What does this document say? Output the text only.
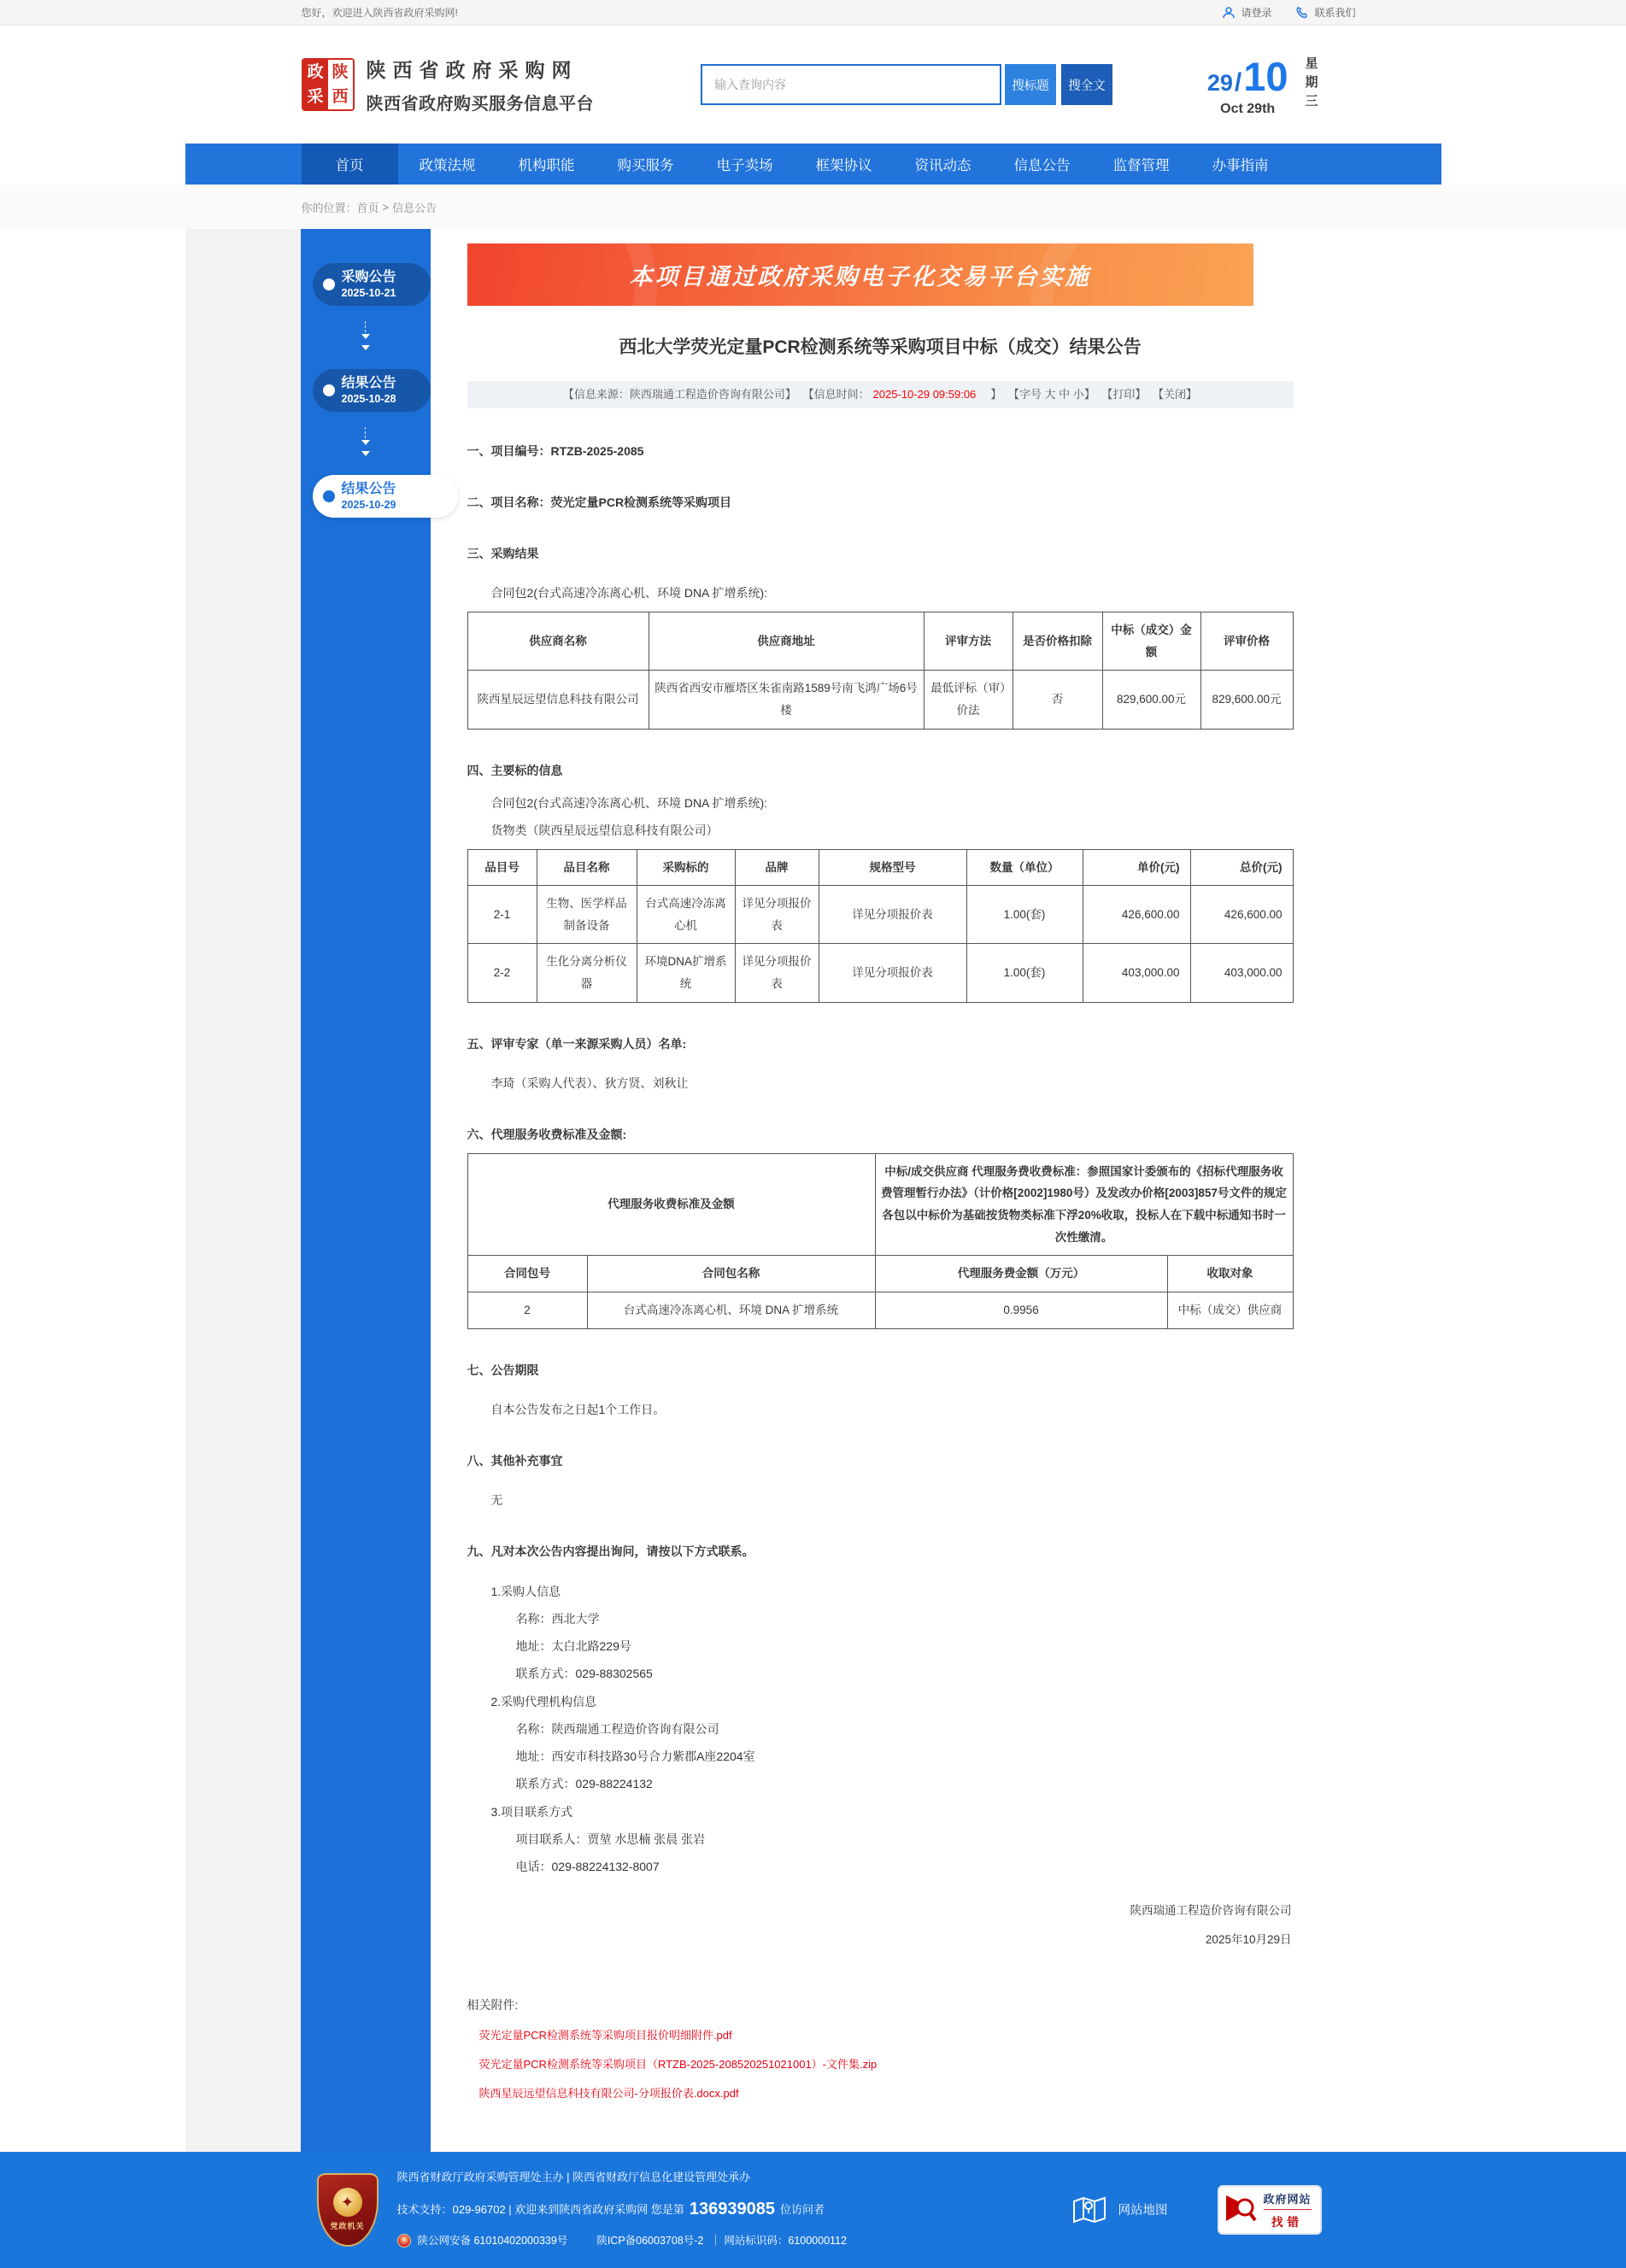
您好，欢迎进入陕西省政府采购网!	请登录	联系我们
政
采
陕
西
陕西省政府采购网
陕西省政府购买服务信息平台
输入查询内容
搜标题	搜全文	29 / 10
Oct 29th	星期三
首页	政策法规	机构职能	购买服务	电子卖场	框架协议	资讯动态	信息公告	监督管理	办事指南
你的位置： 首页 > 信息公告
采购公告
2025-10-21
结果公告
2025-10-28
结果公告
2025-10-29
本项目通过政府采购电子化交易平台实施
西北大学荧光定量PCR检测系统等采购项目中标（成交）结果公告
【信息来源：陕西瑞通工程造价咨询有限公司】 【信息时间： 2025-10-29 09:59:06　】 【字号 大 中 小】 【打印】 【关闭】
一、项目编号：RTZB-2025-2085
二、项目名称：荧光定量PCR检测系统等采购项目
三、采购结果
合同包2(台式高速冷冻离心机、环境 DNA 扩增系统):
供应商名称	供应商地址	评审方法	是否价格扣除	中标（成交）金额	评审价格
陕西星辰远望信息科技有限公司	陕西省西安市雁塔区朱雀南路1589号南飞鸿广场6号楼	最低评标（审）价法	否	829,600.00元	829,600.00元
四、主要标的信息
合同包2(台式高速冷冻离心机、环境 DNA 扩增系统):
货物类（陕西星辰远望信息科技有限公司）
品目号	品目名称	采购标的	品牌	规格型号	数量（单位）	单价(元)	总价(元)
2-1	生物、医学样品制备设备	台式高速冷冻离心机	详见分项报价表	详见分项报价表	1.00(套)	426,600.00	426,600.00
2-2	生化分离分析仪器	环境DNA扩增系统	详见分项报价表	详见分项报价表	1.00(套)	403,000.00	403,000.00
五、评审专家（单一来源采购人员）名单:
李琦（采购人代表）、狄方贤、刘秋让
六、代理服务收费标准及金额:
代理服务收费标准及金额		中标/成交供应商 代理服务费收费标准：参照国家计委颁布的《招标代理服务收费管理暂行办法》（计价格[2002]1980号）及发改办价格[2003]857号文件的规定各包以中标价为基础按货物类标准下浮20%收取，投标人在下载中标通知书时一次性缴清。	
合同包号	合同包名称	代理服务费金额（万元）	收取对象
2	台式高速冷冻离心机、环境 DNA 扩增系统	0.9956	中标（成交）供应商
七、公告期限
自本公告发布之日起1个工作日。
八、其他补充事宜
无
九、凡对本次公告内容提出询问，请按以下方式联系。
1.采购人信息
名称：西北大学
地址：太白北路229号
联系方式：029-88302565
2.采购代理机构信息
名称：陕西瑞通工程造价咨询有限公司
地址：西安市科技路30号合力紫郡A座2204室
联系方式：029-88224132
3.项目联系方式
项目联系人：贾堃 水思楠 张晨 张岩
电话：029-88224132-8007
陕西瑞通工程造价咨询有限公司
2025年10月29日
相关附件:
荧光定量PCR检测系统等采购项目报价明细附件.pdf
荧光定量PCR检测系统等采购项目（RTZB-2025-208520251021001）-文件集.zip
陕西星辰远望信息科技有限公司-分项报价表.docx.pdf
✦
党政机关

陕西省财政厅政府采购管理处主办 | 陕西省财政厅信息化建设管理处承办

技术支持：029-96702 | 欢迎来到陕西省政府采购网 您是第 136939085 位访问者

陕公网安备 61010402000339号	陕ICP备06003708号-2 ｜ 网站标识码：6100000112

网站地图
政府网站
找错
